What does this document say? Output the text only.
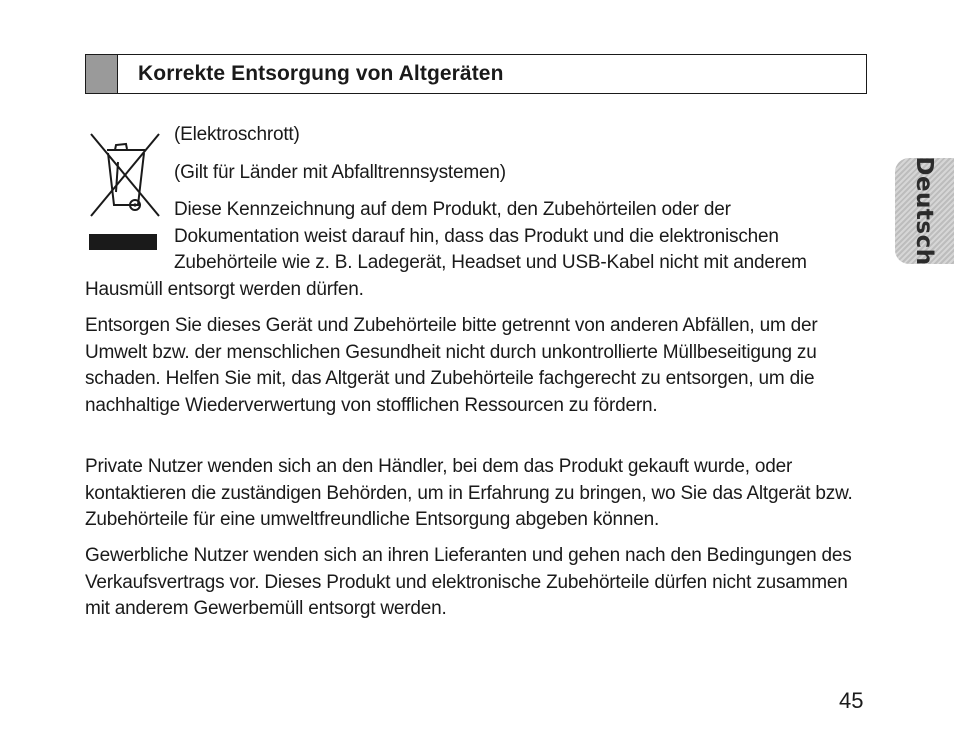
Korrekte Entsorgung von Altgeräten
Deutsch

(Elektroschrott)

(Gilt für Länder mit Abfalltrennsystemen)

Diese Kennzeichnung auf dem Produkt, den Zubehörteilen oder der

Dokumentation weist darauf hin, dass das Produkt und die elektronischen

Zubehörteile wie z. B. Ladegerät, Headset und USB-Kabel nicht mit anderem

Hausmüll entsorgt werden dürfen.

Entsorgen Sie dieses Gerät und Zubehörteile bitte getrennt von anderen Abfällen, um der Umwelt bzw. der menschlichen Gesundheit nicht durch unkontrollierte Müllbeseitigung zu schaden. Helfen Sie mit, das Altgerät und Zubehörteile fachgerecht zu entsorgen, um die nachhaltige Wiederverwertung von stofflichen Ressourcen zu fördern.

Private Nutzer wenden sich an den Händler, bei dem das Produkt gekauft wurde, oder kontaktieren die zuständigen Behörden, um in Erfahrung zu bringen, wo Sie das Altgerät bzw. Zubehörteile für eine umweltfreundliche Entsorgung abgeben können.

Gewerbliche Nutzer wenden sich an ihren Lieferanten und gehen nach den Bedingungen des Verkaufsvertrags vor. Dieses Produkt und elektronische Zubehörteile dürfen nicht zusammen mit anderem Gewerbemüll entsorgt werden.

45
